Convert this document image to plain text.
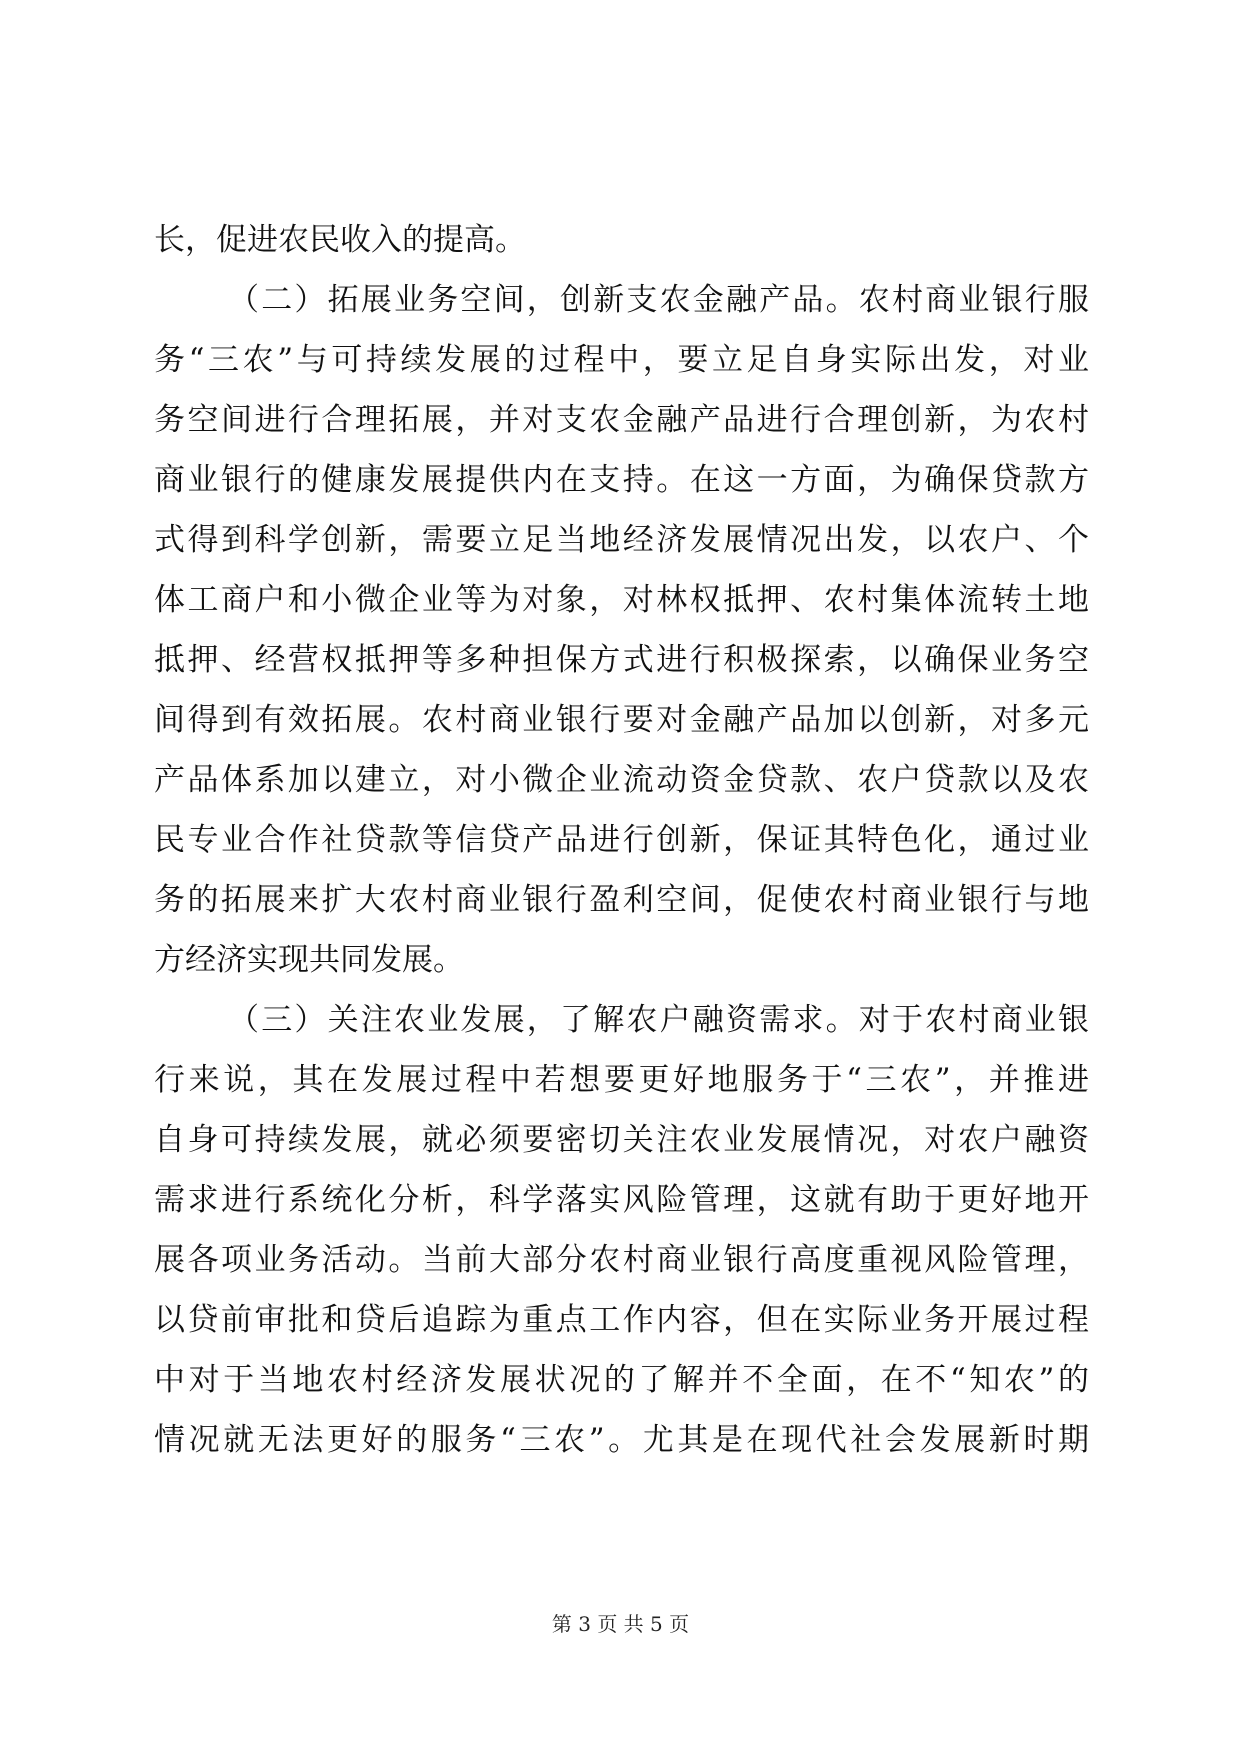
长，促进农民收入的提高。
（二）拓展业务空间，创新支农金融产品。农村商业银行服
务“三农”与可持续发展的过程中，要立足自身实际出发，对业
务空间进行合理拓展，并对支农金融产品进行合理创新，为农村
商业银行的健康发展提供内在支持。在这一方面，为确保贷款方
式得到科学创新，需要立足当地经济发展情况出发，以农户、个
体工商户和小微企业等为对象，对林权抵押、农村集体流转土地
抵押、经营权抵押等多种担保方式进行积极探索，以确保业务空
间得到有效拓展。农村商业银行要对金融产品加以创新，对多元
产品体系加以建立，对小微企业流动资金贷款、农户贷款以及农
民专业合作社贷款等信贷产品进行创新，保证其特色化，通过业
务的拓展来扩大农村商业银行盈利空间，促使农村商业银行与地
方经济实现共同发展。
（三）关注农业发展，了解农户融资需求。对于农村商业银
行来说，其在发展过程中若想要更好地服务于“三农”，并推进
自身可持续发展，就必须要密切关注农业发展情况，对农户融资
需求进行系统化分析，科学落实风险管理，这就有助于更好地开
展各项业务活动。当前大部分农村商业银行高度重视风险管理，
以贷前审批和贷后追踪为重点工作内容，但在实际业务开展过程
中对于当地农村经济发展状况的了解并不全面，在不“知农”的
情况就无法更好的服务“三农”。尤其是在现代社会发展新时期
第 3 页 共 5 页
